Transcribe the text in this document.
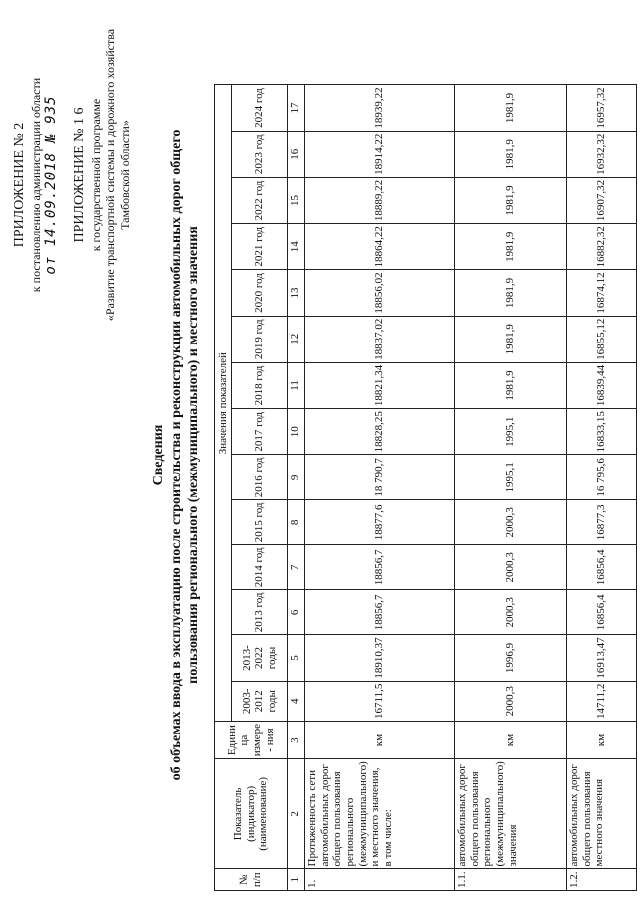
ПРИЛОЖЕНИЕ № 2 к постановлению администрации области от 14.09.2018 № 935 ПРИЛОЖЕНИЕ № 1 6 к государственной программе «Развитие транспортной системы и дорожного хозяйства Тамбовской области»
Сведения об объемах ввода в эксплуатацию после строительства и реконструкции автомобильных дорог общего пользования регионального (межмуниципального) и местного значения
№ п/п	Показатель (индикатор) (наименование)	Едини ца измере - ния	Значения показателей													
			2003-2012 годы	2013-2022 годы	2013 год	2014 год	2015 год	2016 год	2017 год	2018 год	2019 год	2020 год	2021 год	2022 год	2023 год	2024 год
1	2	3	4	5	6	7	8	9	10	11	12	13	14	15	16	17
1.	Протяженность сети автомобильных дорог общего пользования регионального (межмуниципального) и местного значения, в том числе:	км	16711,5	18910,37	18856,7	18856,7	18877,6	18 790,7	18828,25	18821,34	18837,02	18856,02	18864,22	18889,22	18914,22	18939,22
1.1.	автомобильных дорог общего пользования регионального (межмуниципального) значения	км	2000,3	1996,9	2000,3	2000,3	2000,3	1995,1	1995,1	1981,9	1981,9	1981,9	1981,9	1981,9	1981,9	1981,9
1.2.	автомобильных дорог общего пользования местного значения	км	14711,2	16913,47	16856,4	16856,4	16877,3	16 795,6	16833,15	16839,44	16855,12	16874,12	16882,32	16907,32	16932,32	16957,32
